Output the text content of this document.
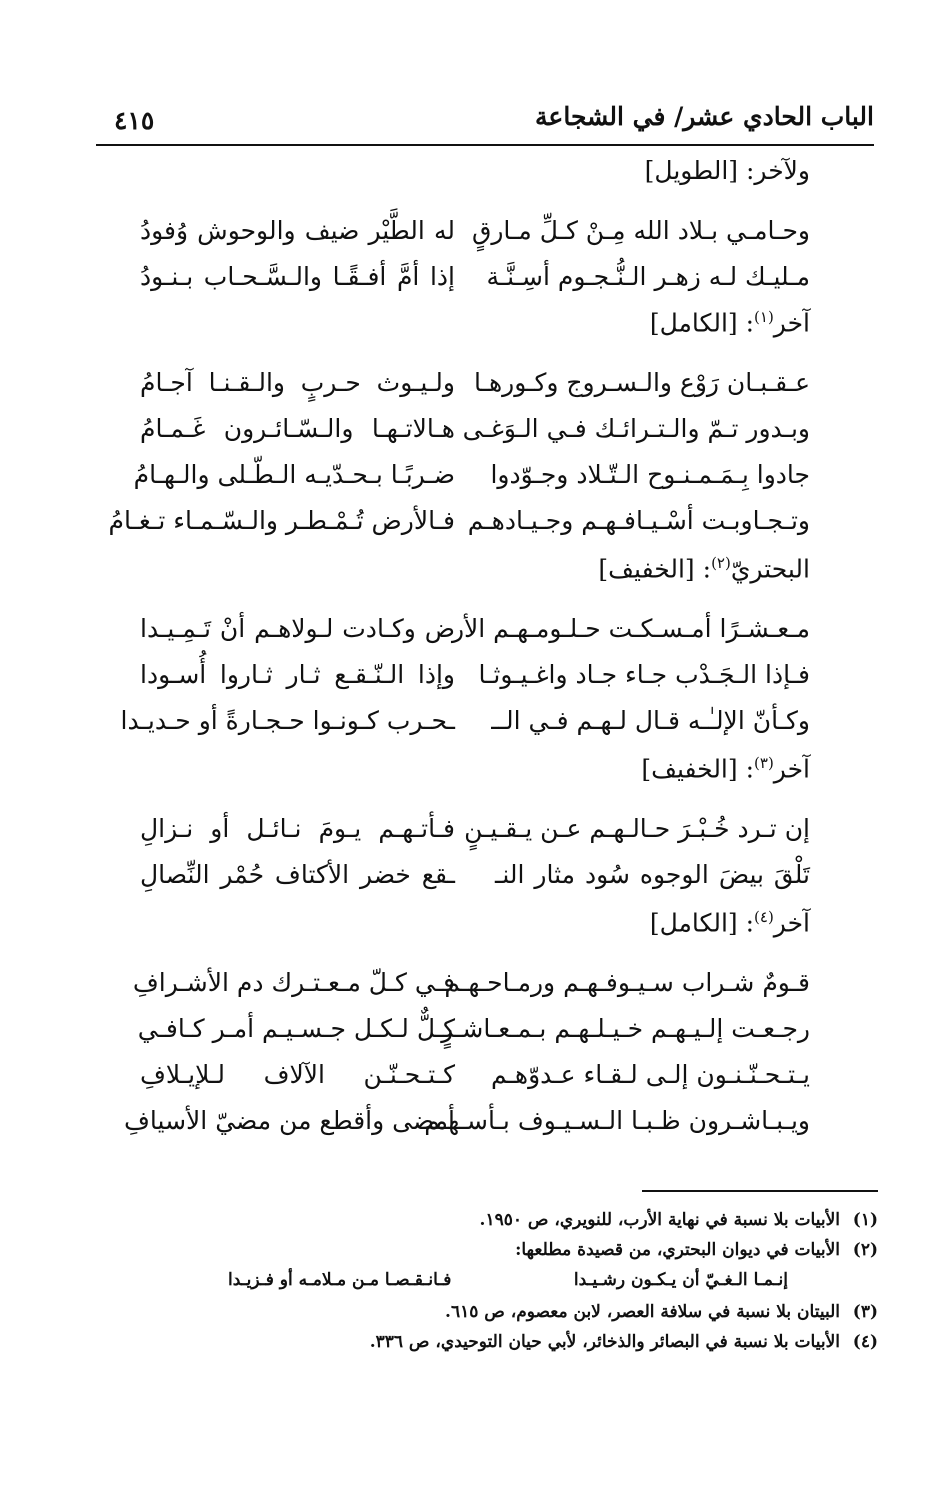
الباب الحادي عشر/ في الشجاعة
٤١٥
ولآخر: [الطويل]
وحـامـي بـلاد الله مِـنْ كـلِّ مـارقٍ
له الطَّيْر ضيف والوحوش وُفودُ
مـليـك لـه زهـر الـنُّـجـوم أسِـنَّـة
إذا أمَّ أفـقًـا والـسَّـحـاب بـنـودُ
آخر$^{(١)}$: [الكامل]
عـقـبـان رَوْع والـسـروج وكـورهـا
ولـيـوث حـربٍ والـقـنـا آجـامُ
وبـدور تـمّ والـتـرائـك فـي الـوَغـى
هـالاتـهـا والـسّـائـرون غَـمـامُ
جادوا بِـمَـمـنـوح الـتّـلاد وجـوّدوا
ضـربًـا بـحـدّيـه الـطّـلى والـهـامُ
وتـجـاوبـت أسْـيـافـهـم وجـيـادهـم
فـالأرض تُـمْـطـر والـسّـمـاء تـغـامُ
البحتريّ$^{(٢)}$: [الخفيف]
مـعـشـرًا أمـسـكـت حـلـومـهـم الأر
ض وكـادت لـولاهـم أنْ تَـمِـيـدا
فـإذا الـجَـدْب جـاء جـاد واغـيـوثـا
وإذا الـنّـقـع ثـار ثـاروا أُسـودا
وكـأنّ الإلـٰـه قـال لـهـم فـي الــ
ـحـرب كـونـوا حـجـارةً أو حـديـدا
آخر$^{(٣)}$: [الخفيف]
إن تـرد خُـبْـرَ حـالـهـم عـن يـقـيـنٍ
فـأتـهـم يـومَ نـائـل أو نـزالِ
تَلْقَ بيضَ الوجوه سُود مثار النـ
ـقع خضر الأكتاف حُمْر النِّصالِ
آخر$^{(٤)}$: [الكامل]
قـومٌ شـراب سـيـوفـهـم ورمـاحـهـم
فـي كـلّ مـعـتـرك دم الأشـرافِ
رجـعـت إلـيـهـم خـيـلـهـم بـمـعـاشـرٍ
كـلٌّ لـكـل جـسـيـم أمـر كـافـي
يـتـحـنّـنـون إلـى لـقـاء عـدوّهـم
كـتـحـنّـن الآلاف لـلإيـلافِ
ويـبـاشـرون ظـبـا الـسـيـوف بـأسـهـم
أمضى وأقطع من مضيّ الأسيافِ
(١)الأبيات بلا نسبة في نهاية الأرب، للنويري، ص ١٩٥٠.
(٢)الأبيات في ديوان البحتري، من قصيدة مطلعها:
إنـمـا الـغـيّ أن يـكـون رشـيـدا
فـانـقـصـا مـن مـلامـه أو فـزيـدا
(٣)البيتان بلا نسبة في سلافة العصر، لابن معصوم، ص ٦١٥.
(٤)الأبيات بلا نسبة في البصائر والذخائر، لأبي حيان التوحيدي، ص ٣٣٦.
